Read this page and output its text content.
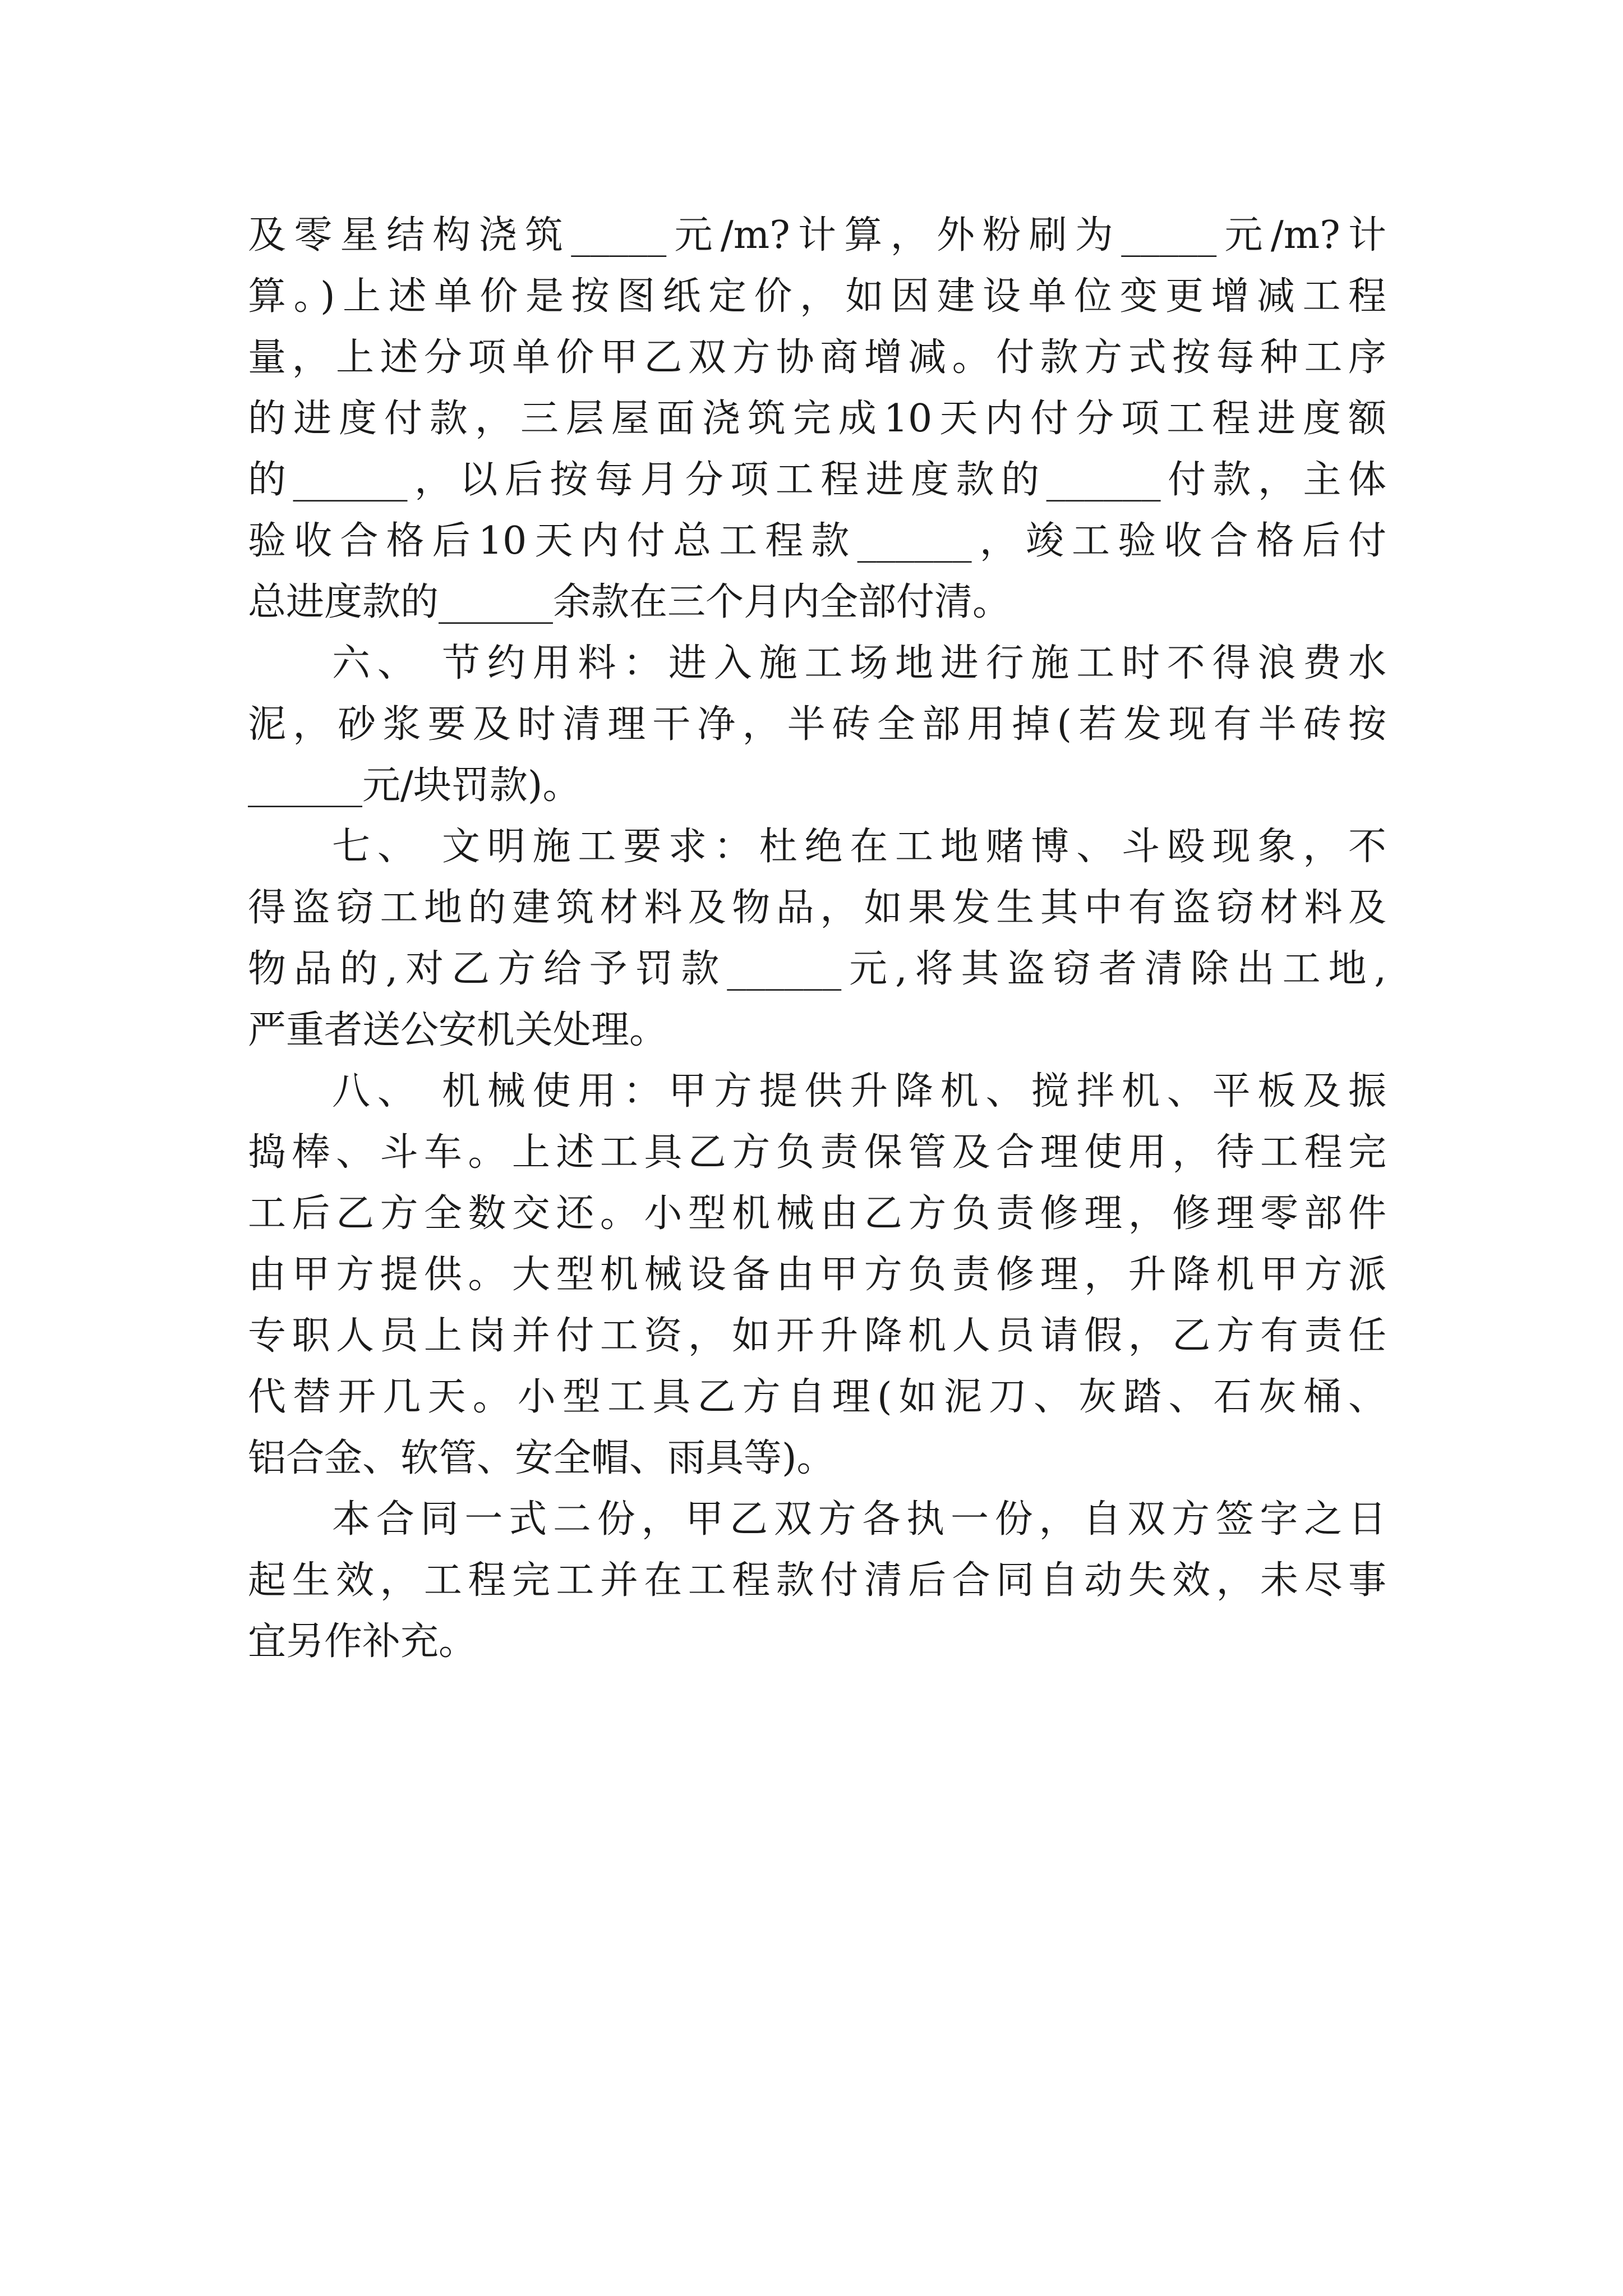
及零星结构浇筑_____元/m?计算，外粉刷为_____元/m?计
算。)上述单价是按图纸定价，如因建设单位变更增减工程
量，上述分项单价甲乙双方协商增减。付款方式按每种工序
的进度付款，三层屋面浇筑完成10天内付分项工程进度额
的______，以后按每月分项工程进度款的______付款，主体
验收合格后10天内付总工程款______，竣工验收合格后付
总进度款的______余款在三个月内全部付清。
六、 节约用料：进入施工场地进行施工时不得浪费水
泥，砂浆要及时清理干净，半砖全部用掉(若发现有半砖按
______元/块罚款)。
七、 文明施工要求：杜绝在工地赌博、斗殴现象，不
得盗窃工地的建筑材料及物品，如果发生其中有盗窃材料及
物品的,对乙方给予罚款______元,将其盗窃者清除出工地,
严重者送公安机关处理。
八、 机械使用：甲方提供升降机、搅拌机、平板及振
捣棒、斗车。上述工具乙方负责保管及合理使用，待工程完
工后乙方全数交还。小型机械由乙方负责修理，修理零部件
由甲方提供。大型机械设备由甲方负责修理，升降机甲方派
专职人员上岗并付工资，如开升降机人员请假，乙方有责任
代替开几天。小型工具乙方自理(如泥刀、灰踏、石灰桶、
铝合金、软管、安全帽、雨具等)。
本合同一式二份，甲乙双方各执一份，自双方签字之日
起生效，工程完工并在工程款付清后合同自动失效，未尽事
宜另作补充。
